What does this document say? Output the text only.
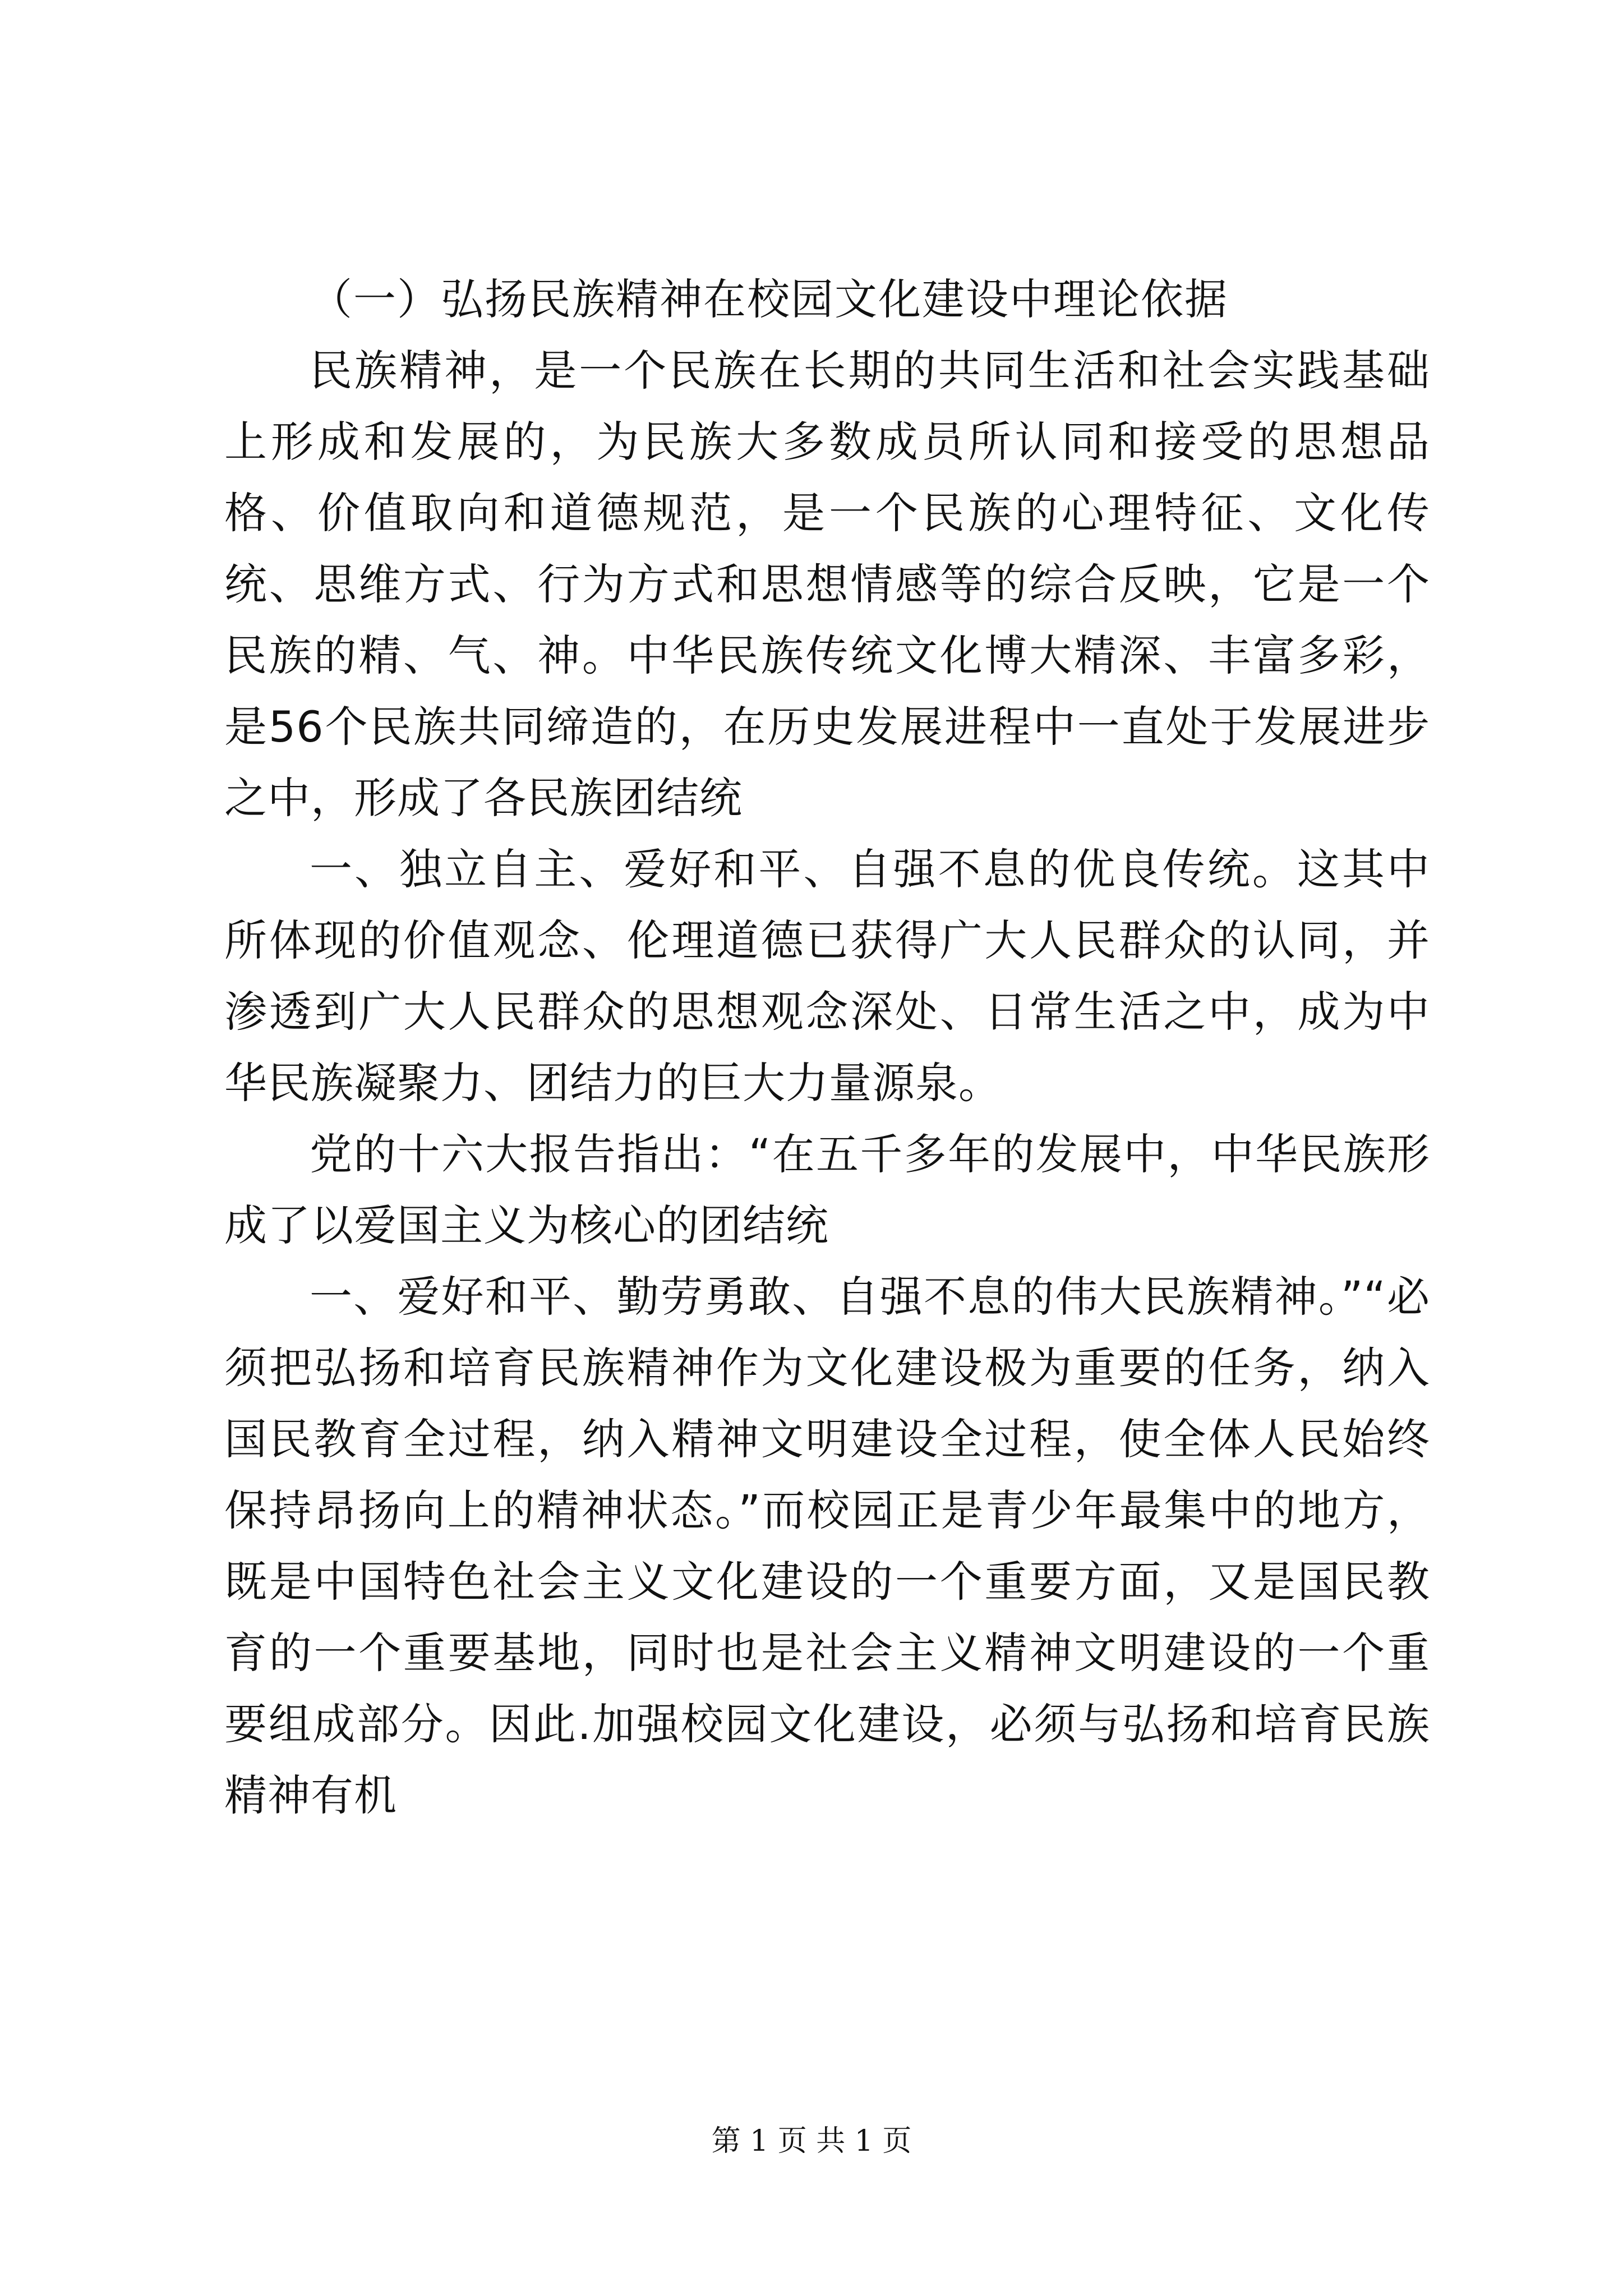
（一）弘扬民族精神在校园文化建设中理论依据

民族精神，是一个民族在长期的共同生活和社会实践基础上形成和发展的，为民族大多数成员所认同和接受的思想品格、价值取向和道德规范，是一个民族的心理特征、文化传统、思维方式、行为方式和思想情感等的综合反映，它是一个民族的精、气、神。中华民族传统文化博大精深、丰富多彩，是56个民族共同缔造的，在历史发展进程中一直处于发展进步之中，形成了各民族团结统

一、独立自主、爱好和平、自强不息的优良传统。这其中所体现的价值观念、伦理道德已获得广大人民群众的认同，并渗透到广大人民群众的思想观念深处、日常生活之中，成为中华民族凝聚力、团结力的巨大力量源泉。

党的十六大报告指出：“在五千多年的发展中，中华民族形成了以爱国主义为核心的团结统

一、爱好和平、勤劳勇敢、自强不息的伟大民族精神。”“必须把弘扬和培育民族精神作为文化建设极为重要的任务，纳入国民教育全过程，纳入精神文明建设全过程，使全体人民始终保持昂扬向上的精神状态。”而校园正是青少年最集中的地方，既是中国特色社会主义文化建设的一个重要方面，又是国民教育的一个重要基地，同时也是社会主义精神文明建设的一个重要组成部分。因此.加强校园文化建设，必须与弘扬和培育民族精神有机

第 1 页 共 1 页
